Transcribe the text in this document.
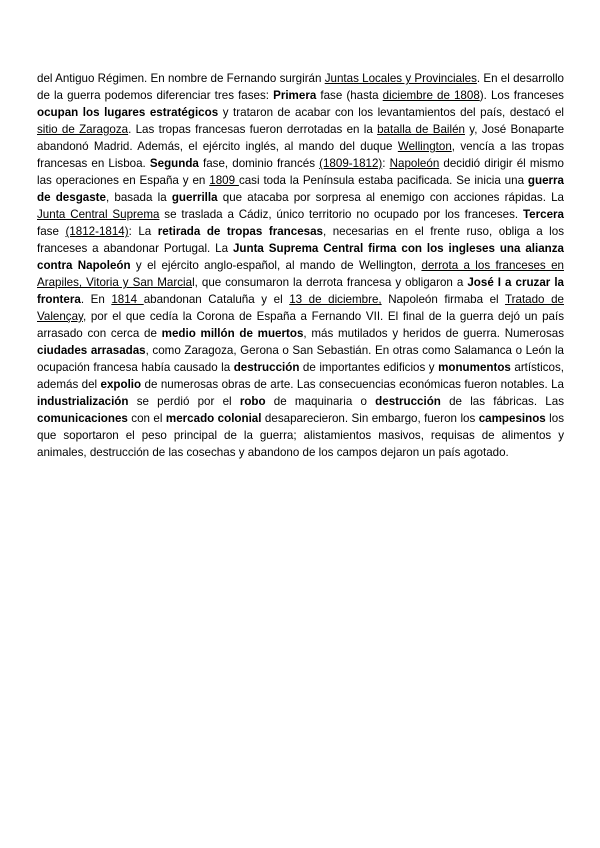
del Antiguo Régimen. En nombre de Fernando surgirán Juntas Locales y Provinciales. En el desarrollo de la guerra podemos diferenciar tres fases: Primera fase (hasta diciembre de 1808). Los franceses ocupan los lugares estratégicos y trataron de acabar con los levantamientos del país, destacó el sitio de Zaragoza. Las tropas francesas fueron derrotadas en la batalla de Bailén y, José Bonaparte abandonó Madrid. Además, el ejército inglés, al mando del duque Wellington, vencía a las tropas francesas en Lisboa. Segunda fase, dominio francés (1809-1812): Napoleón decidió dirigir él mismo las operaciones en España y en 1809 casi toda la Península estaba pacificada. Se inicia una guerra de desgaste, basada la guerrilla que atacaba por sorpresa al enemigo con acciones rápidas. La Junta Central Suprema se traslada a Cádiz, único territorio no ocupado por los franceses. Tercera fase (1812-1814): La retirada de tropas francesas, necesarias en el frente ruso, obliga a los franceses a abandonar Portugal. La Junta Suprema Central firma con los ingleses una alianza contra Napoleón y el ejército anglo-español, al mando de Wellington, derrota a los franceses en Arapiles, Vitoria y San Marcial, que consumaron la derrota francesa y obligaron a José I a cruzar la frontera. En 1814 abandonan Cataluña y el 13 de diciembre, Napoleón firmaba el Tratado de Valençay, por el que cedía la Corona de España a Fernando VII. El final de la guerra dejó un país arrasado con cerca de medio millón de muertos, más mutilados y heridos de guerra. Numerosas ciudades arrasadas, como Zaragoza, Gerona o San Sebastián. En otras como Salamanca o León la ocupación francesa había causado la destrucción de importantes edificios y monumentos artísticos, además del expolio de numerosas obras de arte. Las consecuencias económicas fueron notables. La industrialización se perdió por el robo de maquinaria o destrucción de las fábricas. Las comunicaciones con el mercado colonial desaparecieron. Sin embargo, fueron los campesinos los que soportaron el peso principal de la guerra; alistamientos masivos, requisas de alimentos y animales, destrucción de las cosechas y abandono de los campos dejaron un país agotado.
